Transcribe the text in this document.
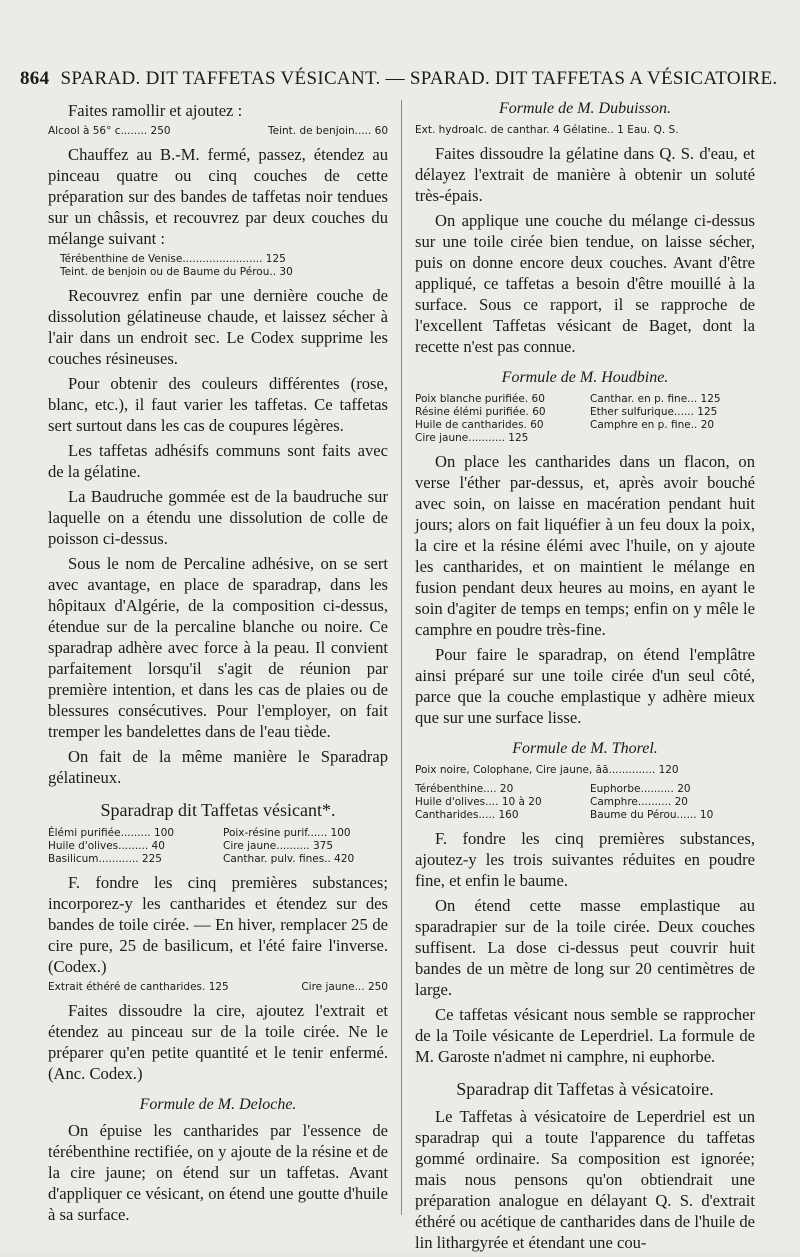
864 SPARAD. DIT TAFFETAS VÉSICANT. — SPARAD. DIT TAFFETAS A VÉSICATOIRE.

Faites ramollir et ajoutez :

Alcool à 56° c........ 250	Teint. de benjoin..... 60

Chauffez au B.-M. fermé, passez, étendez au pinceau quatre ou cinq couches de cette préparation sur des bandes de taffetas noir tendues sur un châssis, et recouvrez par deux couches du mélange suivant :

Térébenthine de Venise........................ 125
Teint. de benjoin ou de Baume du Pérou.. 30

Recouvrez enfin par une dernière couche de dissolution gélatineuse chaude, et laissez sécher à l'air dans un endroit sec. Le Codex supprime les couches résineuses.

Pour obtenir des couleurs différentes (rose, blanc, etc.), il faut varier les taffetas. Ce taffetas sert surtout dans les cas de coupures légères.

Les taffetas adhésifs communs sont faits avec de la gélatine.

La Baudruche gommée est de la baudruche sur laquelle on a étendu une dissolution de colle de poisson ci-dessus.

Sous le nom de Percaline adhésive, on se sert avec avantage, en place de sparadrap, dans les hôpitaux d'Algérie, de la composition ci-dessus, étendue sur de la percaline blanche ou noire. Ce sparadrap adhère avec force à la peau. Il convient parfaitement lorsqu'il s'agit de réunion par première intention, et dans les cas de plaies ou de blessures consécutives. Pour l'employer, on fait tremper les bandelettes dans de l'eau tiède.

On fait de la même manière le Sparadrap gélatineux.

Sparadrap dit Taffetas vésicant*.
Élémi purifiée......... 100	Poix-résine purif...... 100
Huile d'olives......... 40	Cire jaune.......... 375
Basilicum............ 225	Canthar. pulv. fines.. 420

F. fondre les cinq premières substances; incorporez-y les cantharides et étendez sur des bandes de toile cirée. — En hiver, remplacer 25 de cire pure, 25 de basilicum, et l'été faire l'inverse. (Codex.)

Extrait éthéré de cantharides. 125	Cire jaune... 250

Faites dissoudre la cire, ajoutez l'extrait et étendez au pinceau sur de la toile cirée. Ne le préparer qu'en petite quantité et le tenir enfermé. (Anc. Codex.)

Formule de M. Deloche.

On épuise les cantharides par l'essence de térébenthine rectifiée, on y ajoute de la résine et de la cire jaune; on étend sur un taffetas. Avant d'appliquer ce vésicant, on étend une goutte d'huile à sa surface.

Formule de M. Dubuisson.
Ext. hydroalc. de canthar. 4 Gélatine.. 1 Eau. Q. S.

Faites dissoudre la gélatine dans Q. S. d'eau, et délayez l'extrait de manière à obtenir un soluté très-épais.

On applique une couche du mélange ci-dessus sur une toile cirée bien tendue, on laisse sécher, puis on donne encore deux couches. Avant d'être appliqué, ce taffetas a besoin d'être mouillé à la surface. Sous ce rapport, il se rapproche de l'excellent Taffetas vésicant de Baget, dont la recette n'est pas connue.

Formule de M. Houdbine.
Poix blanche purifiée. 60	Canthar. en p. fine... 125
Résine élémi purifiée. 60	Ether sulfurique...... 125
Huile de cantharides. 60	Camphre en p. fine.. 20
Cire jaune........... 125

On place les cantharides dans un flacon, on verse l'éther par-dessus, et, après avoir bouché avec soin, on laisse en macération pendant huit jours; alors on fait liquéfier à un feu doux la poix, la cire et la résine élémi avec l'huile, on y ajoute les cantharides, et on maintient le mélange en fusion pendant deux heures au moins, en ayant le soin d'agiter de temps en temps; enfin on y mêle le camphre en poudre très-fine.

Pour faire le sparadrap, on étend l'emplâtre ainsi préparé sur une toile cirée d'un seul côté, parce que la couche emplastique y adhère mieux que sur une surface lisse.

Formule de M. Thorel.
Poix noire, Colophane, Cire jaune, āā.............. 120
Térébenthine.... 20	Euphorbe.......... 20
Huile d'olives.... 10 à 20	Camphre.......... 20
Cantharides..... 160	Baume du Pérou...... 10

F. fondre les cinq premières substances, ajoutez-y les trois suivantes réduites en poudre fine, et enfin le baume.

On étend cette masse emplastique au sparadrapier sur de la toile cirée. Deux couches suffisent. La dose ci-dessus peut couvrir huit bandes de un mètre de long sur 20 centimètres de large.

Ce taffetas vésicant nous semble se rapprocher de la Toile vésicante de Leperdriel. La formule de M. Garoste n'admet ni camphre, ni euphorbe.

Sparadrap dit Taffetas à vésicatoire.

Le Taffetas à vésicatoire de Leperdriel est un sparadrap qui a toute l'apparence du taffetas gommé ordinaire. Sa composition est ignorée; mais nous pensons qu'on obtiendrait une préparation analogue en délayant Q. S. d'extrait éthéré ou acétique de cantharides dans de l'huile de lin lithargyrée et étendant une cou-
